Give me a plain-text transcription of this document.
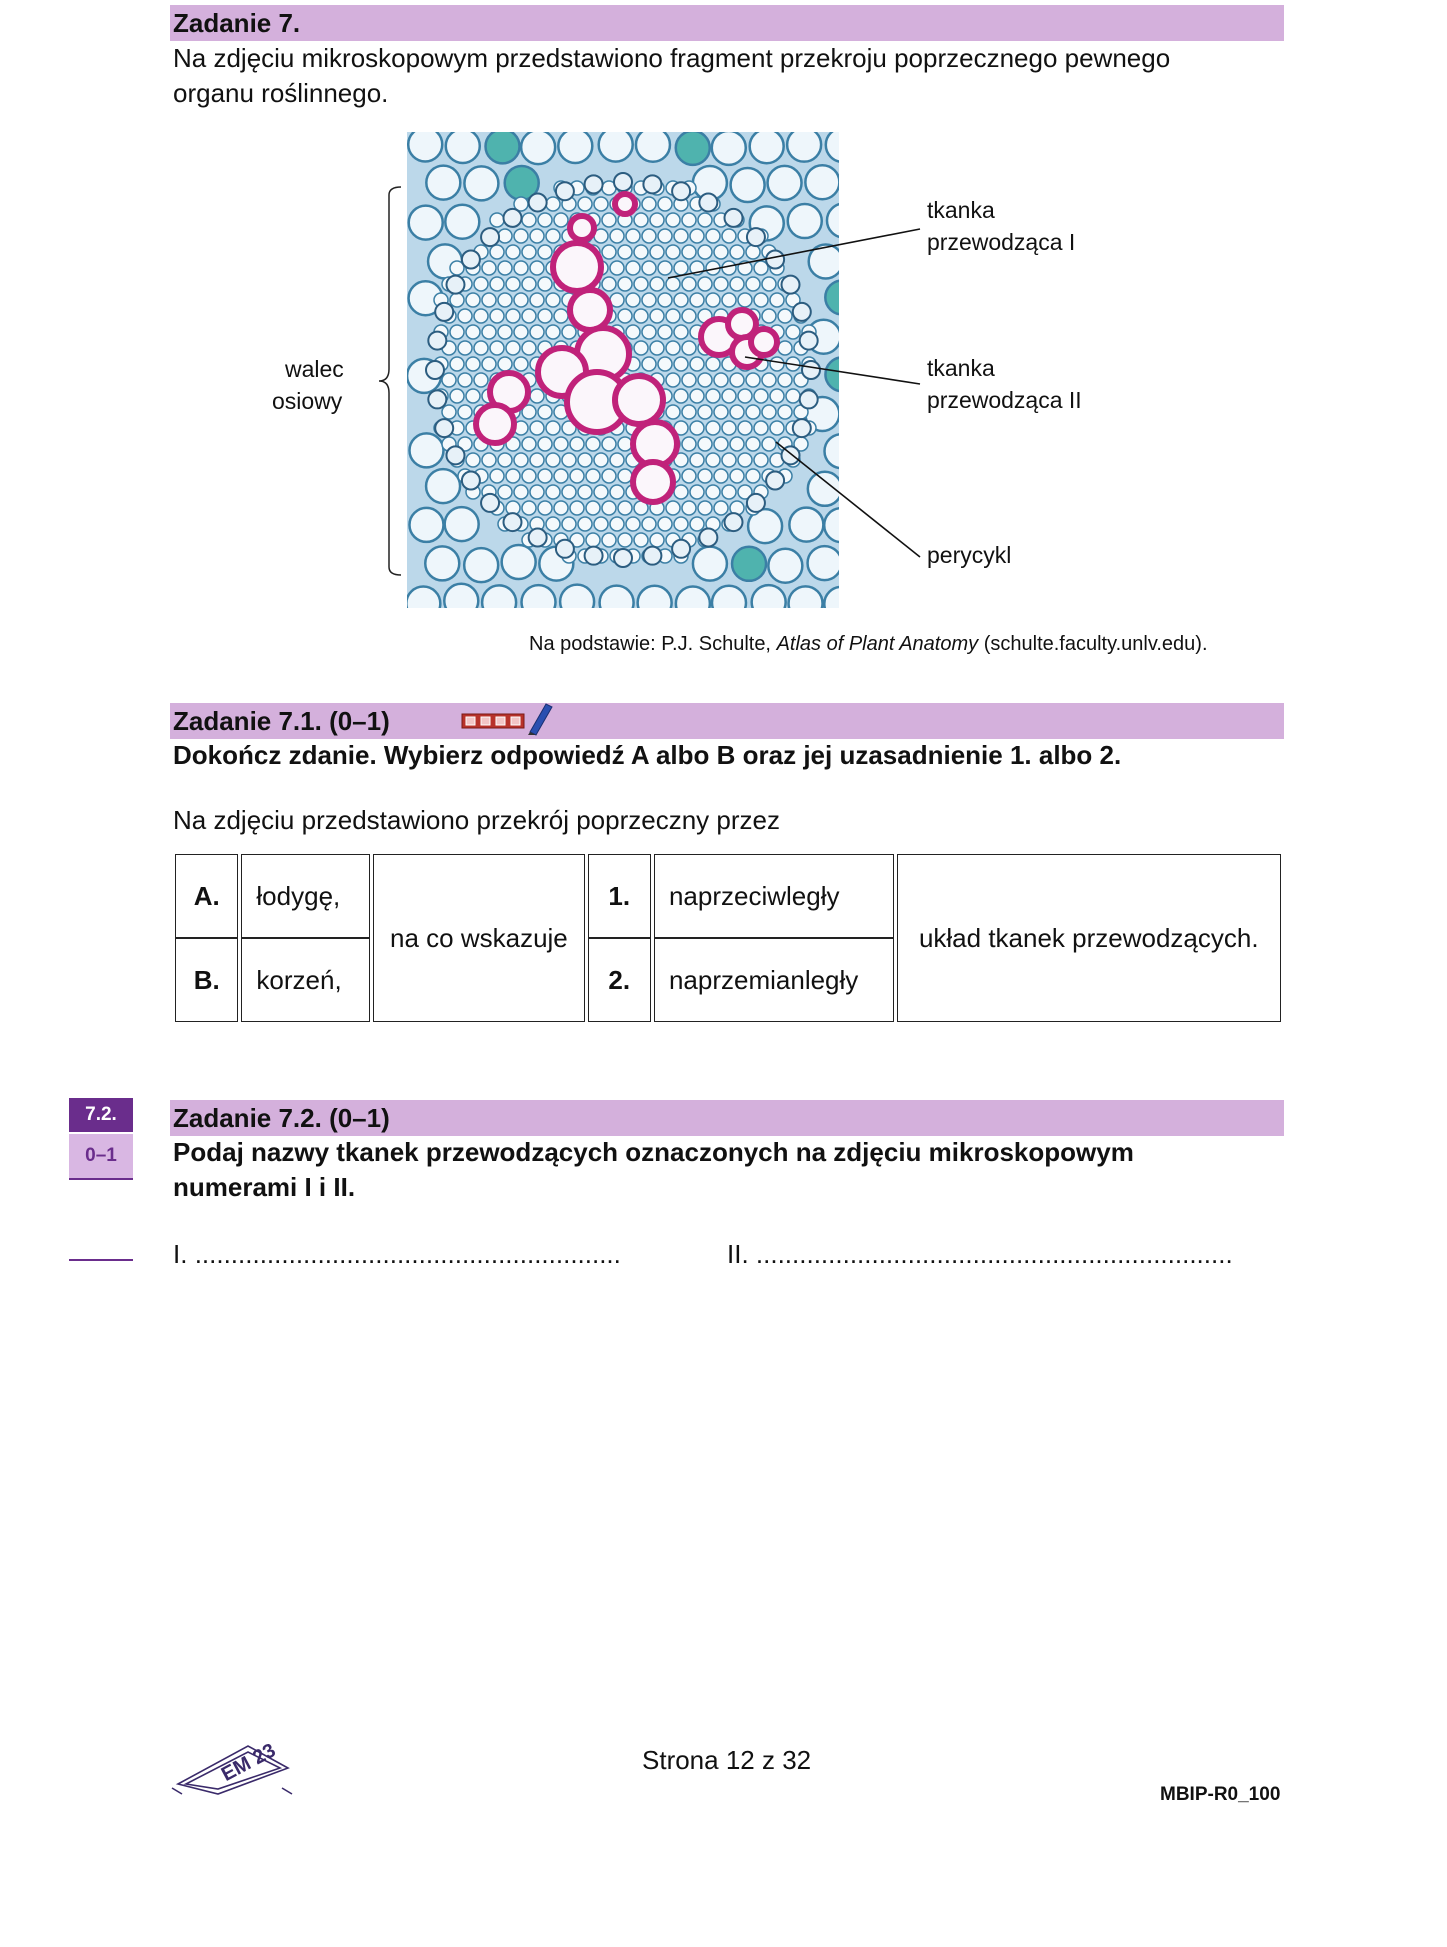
Zadanie 7.
Na zdjęciu mikroskopowym przedstawiono fragment przekroju poprzecznego pewnego
organu roślinnego.
walec
osiowy
tkanka
przewodząca I
tkanka
przewodząca II
perycykl
Na podstawie: P.J. Schulte, Atlas of Plant Anatomy (schulte.faculty.unlv.edu).
Zadanie 7.1. (0–1)
Dokończ zdanie. Wybierz odpowiedź A albo B oraz jej uzasadnienie 1. albo 2.
Na zdjęciu przedstawiono przekrój poprzeczny przez
A.	łodygę,	na co wskazuje	1.	naprzeciwległy	układ tkanek przewodzących.
B.	korzeń,		2.	naprzemianległy	
7.2.
0–1
Zadanie 7.2. (0–1)
Podaj nazwy tkanek przewodzących oznaczonych na zdjęciu mikroskopowym
numerami I i II.
I. ...........................................................	II. ..................................................................
EM 23	Strona 12 z 32
MBIP-R0_100
